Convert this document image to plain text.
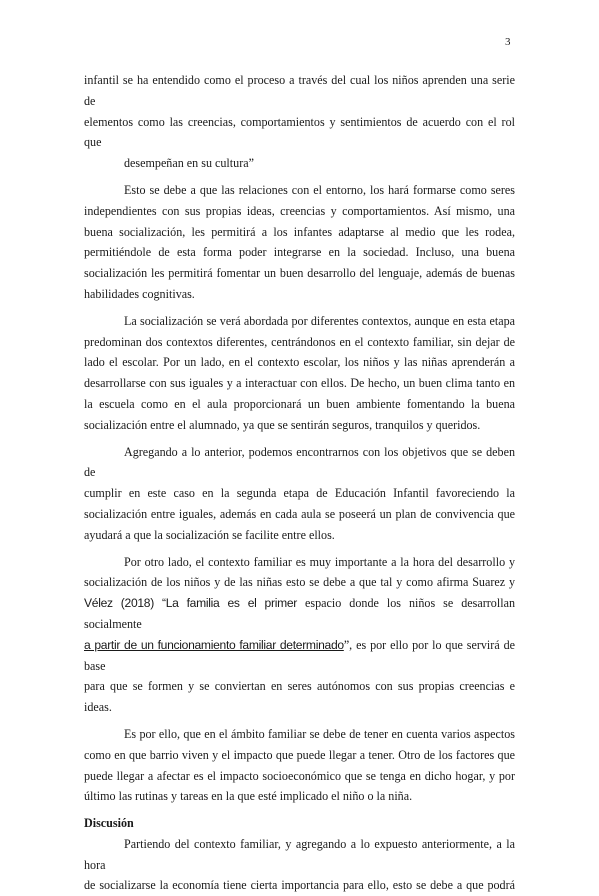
3
infantil se ha entendido como el proceso a través del cual los niños aprenden una serie de
elementos como las creencias, comportamientos y sentimientos de acuerdo con el rol que
desempeñan en su cultura”
Esto se debe a que las relaciones con el entorno, los hará formarse como seres
independientes con sus propias ideas, creencias y comportamientos. Así mismo, una
buena socialización, les permitirá a los infantes adaptarse al medio que les rodea,
permitiéndole de esta forma poder integrarse en la sociedad. Incluso, una buena
socialización les permitirá fomentar un buen desarrollo del lenguaje, además de buenas
habilidades cognitivas.
La socialización se verá abordada por diferentes contextos, aunque en esta etapa
predominan dos contextos diferentes, centrándonos en el contexto familiar, sin dejar de
lado el escolar. Por un lado, en el contexto escolar, los niños y las niñas aprenderán a
desarrollarse con sus iguales y a interactuar con ellos. De hecho, un buen clima tanto en
la escuela como en el aula proporcionará un buen ambiente fomentando la buena
socialización entre el alumnado, ya que se sentirán seguros, tranquilos y queridos.
Agregando a lo anterior, podemos encontrarnos con los objetivos que se deben de
cumplir en este caso en la segunda etapa de Educación Infantil favoreciendo la
socialización entre iguales, además en cada aula se poseerá un plan de convivencia que
ayudará a que la socialización se facilite entre ellos.
Por otro lado, el contexto familiar es muy importante a la hora del desarrollo y
socialización de los niños y de las niñas esto se debe a que tal y como afirma Suarez y
Vélez (2018) “La familia es el primer espacio donde los niños se desarrollan socialmente
a partir de un funcionamiento familiar determinado”, es por ello por lo que servirá de base
para que se formen y se conviertan en seres autónomos con sus propias creencias e ideas.
Es por ello, que en el ámbito familiar se debe de tener en cuenta varios aspectos
como en que barrio viven y el impacto que puede llegar a tener. Otro de los factores que
puede llegar a afectar es el impacto socioeconómico que se tenga en dicho hogar, y por
último las rutinas y tareas en la que esté implicado el niño o la niña.
Discusión
Partiendo del contexto familiar, y agregando a lo expuesto anteriormente, a la hora
de socializarse la economía tiene cierta importancia para ello, esto se debe a que podrá
